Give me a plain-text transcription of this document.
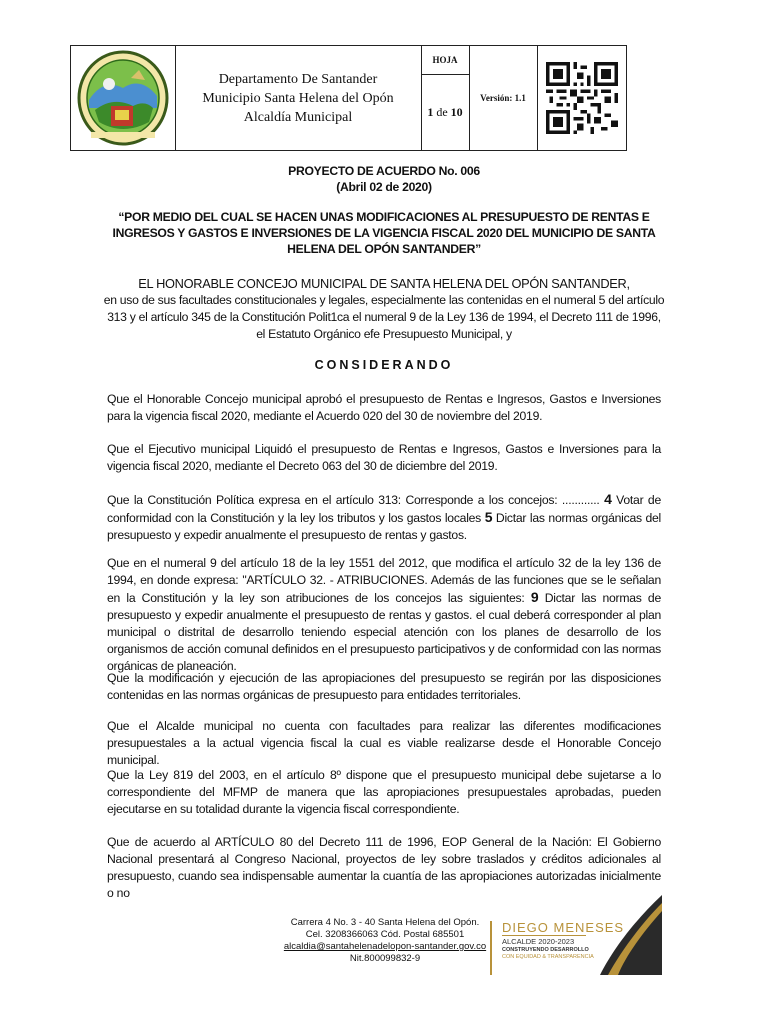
Departamento De Santander
Municipio Santa Helena del Opón
Alcaldía Municipal
HOJA
1
de
10
Versión: 1.1
PROYECTO DE ACUERDO No. 006
(Abril 02 de 2020)
“POR MEDIO DEL CUAL SE HACEN UNAS MODIFICACIONES AL PRESUPUESTO DE RENTAS E
INGRESOS Y GASTOS E INVERSIONES DE LA VIGENCIA FISCAL 2020 DEL MUNICIPIO DE SANTA
HELENA DEL OPÓN SANTANDER”
EL HONORABLE CONCEJO MUNICIPAL DE SANTA HELENA DEL OPÓN SANTANDER,
en uso de sus facultades constitucionales y legales, especialmente las contenidas en el numeral 5 del artículo
313 y el artículo 345 de la Constitución Polit1ca el numeral 9 de la Ley 136 de 1994, el Decreto 111 de 1996,
el Estatuto Orgánico efe Presupuesto Municipal, y
CONSIDERANDO
Que el Honorable Concejo municipal aprobó el presupuesto de Rentas e Ingresos, Gastos e Inversiones para la vigencia fiscal 2020, mediante el Acuerdo 020 del 30 de noviembre del 2019.
Que el Ejecutivo municipal Liquidó el presupuesto de Rentas e Ingresos, Gastos e Inversiones para la vigencia fiscal 2020, mediante el Decreto 063 del 30 de diciembre del 2019.
Que la Constitución Política expresa en el artículo 313: Corresponde a los concejos: ............ 4 Votar de conformidad con la Constitución y la ley los tributos y los gastos locales 5 Dictar las normas orgánicas del presupuesto y expedir anualmente el presupuesto de rentas y gastos.
Que en el numeral 9 del artículo 18 de la ley 1551 del 2012, que modifica el artículo 32 de la ley 136 de 1994, en donde expresa: "ARTÍCULO 32. - ATRIBUCIONES. Además de las funciones que se le señalan en la Constitución y la ley son atribuciones de los concejos las siguientes: 9 Dictar las normas de presupuesto y expedir anualmente el presupuesto de rentas y gastos. el cual deberá corresponder al plan municipal o distrital de desarrollo teniendo especial atención con los planes de desarrollo de los organismos de acción comunal definidos en el presupuesto participativos y de conformidad con las normas orgánicas de planeación.
Que la modificación y ejecución de las apropiaciones del presupuesto se regirán por las disposiciones contenidas en las normas orgánicas de presupuesto para entidades territoriales.
Que el Alcalde municipal no cuenta con facultades para realizar las diferentes modificaciones presupuestales a la actual vigencia fiscal la cual es viable realizarse desde el Honorable Concejo municipal.
Que la Ley 819 del 2003, en el artículo 8º dispone que el presupuesto municipal debe sujetarse a lo correspondiente del MFMP de manera que las apropiaciones presupuestales aprobadas, pueden ejecutarse en su totalidad durante la vigencia fiscal correspondiente.
Que de acuerdo al ARTÍCULO 80 del Decreto 111 de 1996, EOP General de la Nación: El Gobierno Nacional presentará al Congreso Nacional, proyectos de ley sobre traslados y créditos adicionales al presupuesto, cuando sea indispensable aumentar la cuantía de las apropiaciones autorizadas inicialmente o no
Carrera 4 No. 3 - 40 Santa Helena del Opón.
Cel. 3208366063 Cód. Postal 685501
alcaldia@santahelenadelopon-santander.gov.co
Nit.800099832-9
DIEGO MENESES
ALCALDE 2020-2023
CONSTRUYENDO DESARROLLO
CON EQUIDAD & TRANSPARENCIA
